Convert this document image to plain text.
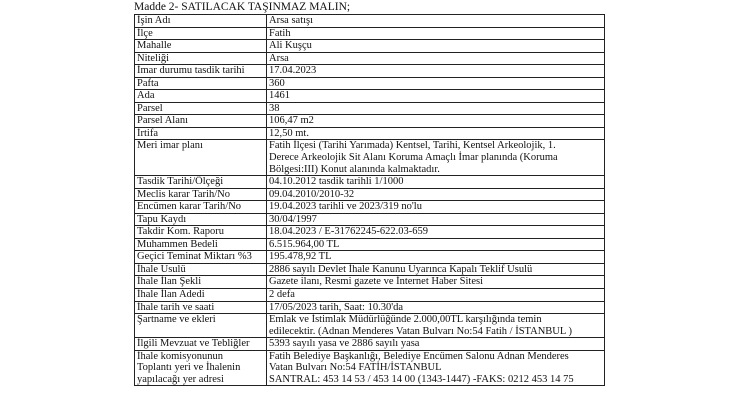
Madde 2- SATILACAK TAŞINMAZ MALIN;
İşin Adı	Arsa satışı
İlçe	Fatih
Mahalle	Ali Kuşçu
Niteliği	Arsa
İmar durumu tasdik tarihi	17.04.2023
Pafta	360
Ada	1461
Parsel	38
Parsel Alanı	106,47 m2
İrtifa	12,50 mt.
Meri imar planı	Fatih İlçesi (Tarihi Yarımada) Kentsel, Tarihi, Kentsel Arkeolojik, 1.
Derece Arkeolojik Sit Alanı Koruma Amaçlı İmar planında (Koruma
Bölgesi:III) Konut alanında kalmaktadır.

Tasdik Tarihi/Ölçeği	04.10.2012 tasdik tarihli 1/1000
Meclis karar Tarih/No	09.04.2010/2010-32
Encümen karar Tarih/No	19.04.2023 tarihli ve 2023/319 no'lu
Tapu Kaydı	30/04/1997
Takdir Kom. Raporu	18.04.2023 / E-31762245-622.03-659
Muhammen Bedeli	6.515.964,00 TL
Geçici Teminat Miktarı %3	195.478,92 TL
İhale Usulü	2886 sayılı Devlet İhale Kanunu Uyarınca Kapalı Teklif Usulü
İhale İlan Şekli	Gazete ilanı, Resmi gazete ve İnternet Haber Sitesi
İhale İlan Adedi	2 defa
İhale tarih ve saati	17/05/2023 tarih, Saat: 10.30'da
Şartname ve ekleri	Emlak ve İstimlak Müdürlüğünde 2.000,00TL karşılığında temin
edilecektir. (Adnan Menderes Vatan Bulvarı No:54 Fatih / İSTANBUL )

İlgili Mevzuat ve Tebliğler	5393 sayılı yasa ve 2886 sayılı yasa

İhale komisyonunun
Toplantı yeri ve İhalenin
yapılacağı yer adresi	Fatih Belediye Başkanlığı, Belediye Encümen Salonu Adnan Menderes
Vatan Bulvarı No:54 FATİH/İSTANBUL
SANTRAL: 453 14 53 / 453 14 00 (1343-1447) -FAKS: 0212 453 14 75
